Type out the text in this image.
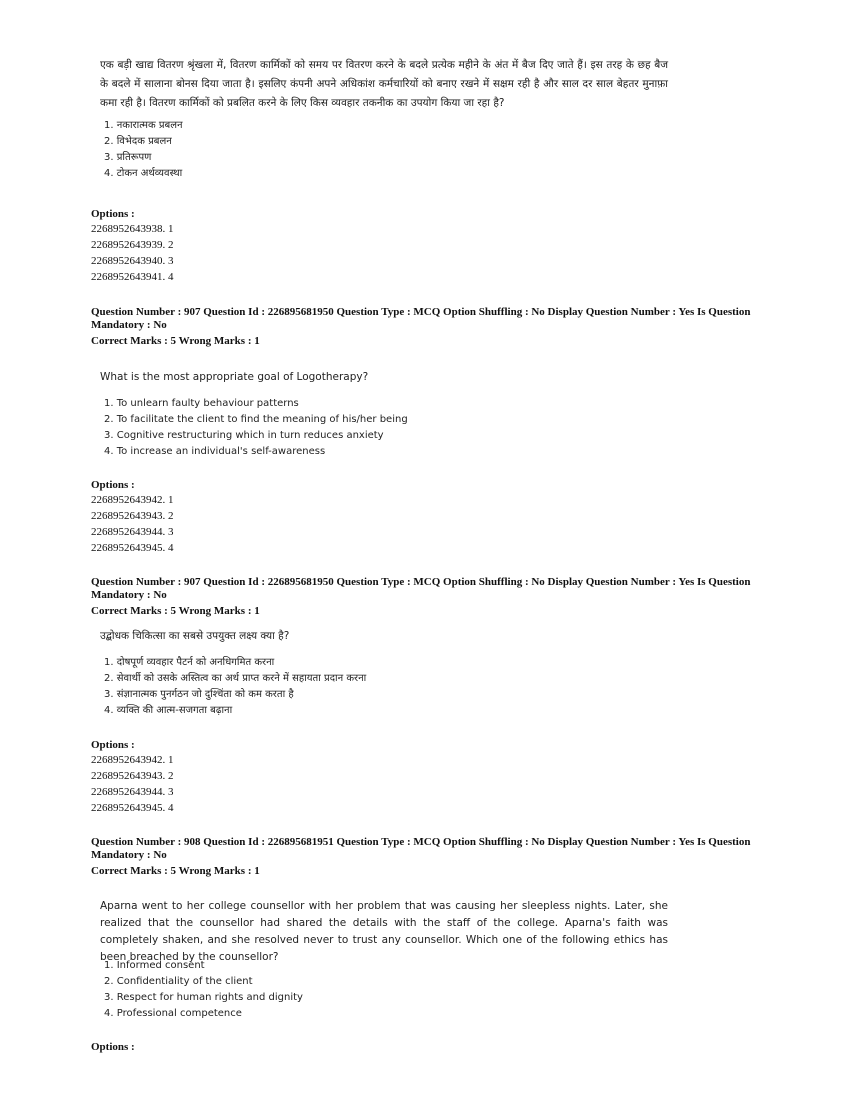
एक बड़ी खाद्य वितरण श्रृंखला में, वितरण कार्मिकों को समय पर वितरण करने के बदले प्रत्येक महीने के अंत में बैज दिए जाते हैं। इस तरह के छह बैज के बदले में सालाना बोनस दिया जाता है। इसलिए कंपनी अपने अधिकांश कर्मचारियों को बनाए रखने में सक्षम रही है और साल दर साल बेहतर मुनाफ़ा कमा रही है। वितरण कार्मिकों को प्रबलित करने के लिए किस व्यवहार तकनीक का उपयोग किया जा रहा है?
1. नकारात्मक प्रबलन
2. विभेदक प्रबलन
3. प्रतिरूपण
4. टोकन अर्थव्यवस्था
Options :
2268952643938. 1
2268952643939. 2
2268952643940. 3
2268952643941. 4
Question Number : 907 Question Id : 226895681950 Question Type : MCQ Option Shuffling : No Display Question Number : Yes Is Question
Mandatory : No
Correct Marks : 5 Wrong Marks : 1
What is the most appropriate goal of Logotherapy?
1. To unlearn faulty behaviour patterns
2. To facilitate the client to find the meaning of his/her being
3. Cognitive restructuring which in turn reduces anxiety
4. To increase an individual's self-awareness
Options :
2268952643942. 1
2268952643943. 2
2268952643944. 3
2268952643945. 4
Question Number : 907 Question Id : 226895681950 Question Type : MCQ Option Shuffling : No Display Question Number : Yes Is Question
Mandatory : No
Correct Marks : 5 Wrong Marks : 1
उद्बोधक चिकित्सा का सबसे उपयुक्त लक्ष्य क्या है?
1. दोषपूर्ण व्यवहार पैटर्न को अनधिगमित करना
2. सेवार्थी को उसके अस्तित्व का अर्थ प्राप्त करने में सहायता प्रदान करना
3. संज्ञानात्मक पुनर्गठन जो दुश्चिंता को कम करता है
4. व्यक्ति की आत्म-सजगता बढ़ाना
Options :
2268952643942. 1
2268952643943. 2
2268952643944. 3
2268952643945. 4
Question Number : 908 Question Id : 226895681951 Question Type : MCQ Option Shuffling : No Display Question Number : Yes Is Question
Mandatory : No
Correct Marks : 5 Wrong Marks : 1
Aparna went to her college counsellor with her problem that was causing her sleepless nights. Later, she realized that the counsellor had shared the details with the staff of the college. Aparna's faith was completely shaken, and she resolved never to trust any counsellor. Which one of the following ethics has been breached by the counsellor?
1. Informed consent
2. Confidentiality of the client
3. Respect for human rights and dignity
4. Professional competence
Options :
